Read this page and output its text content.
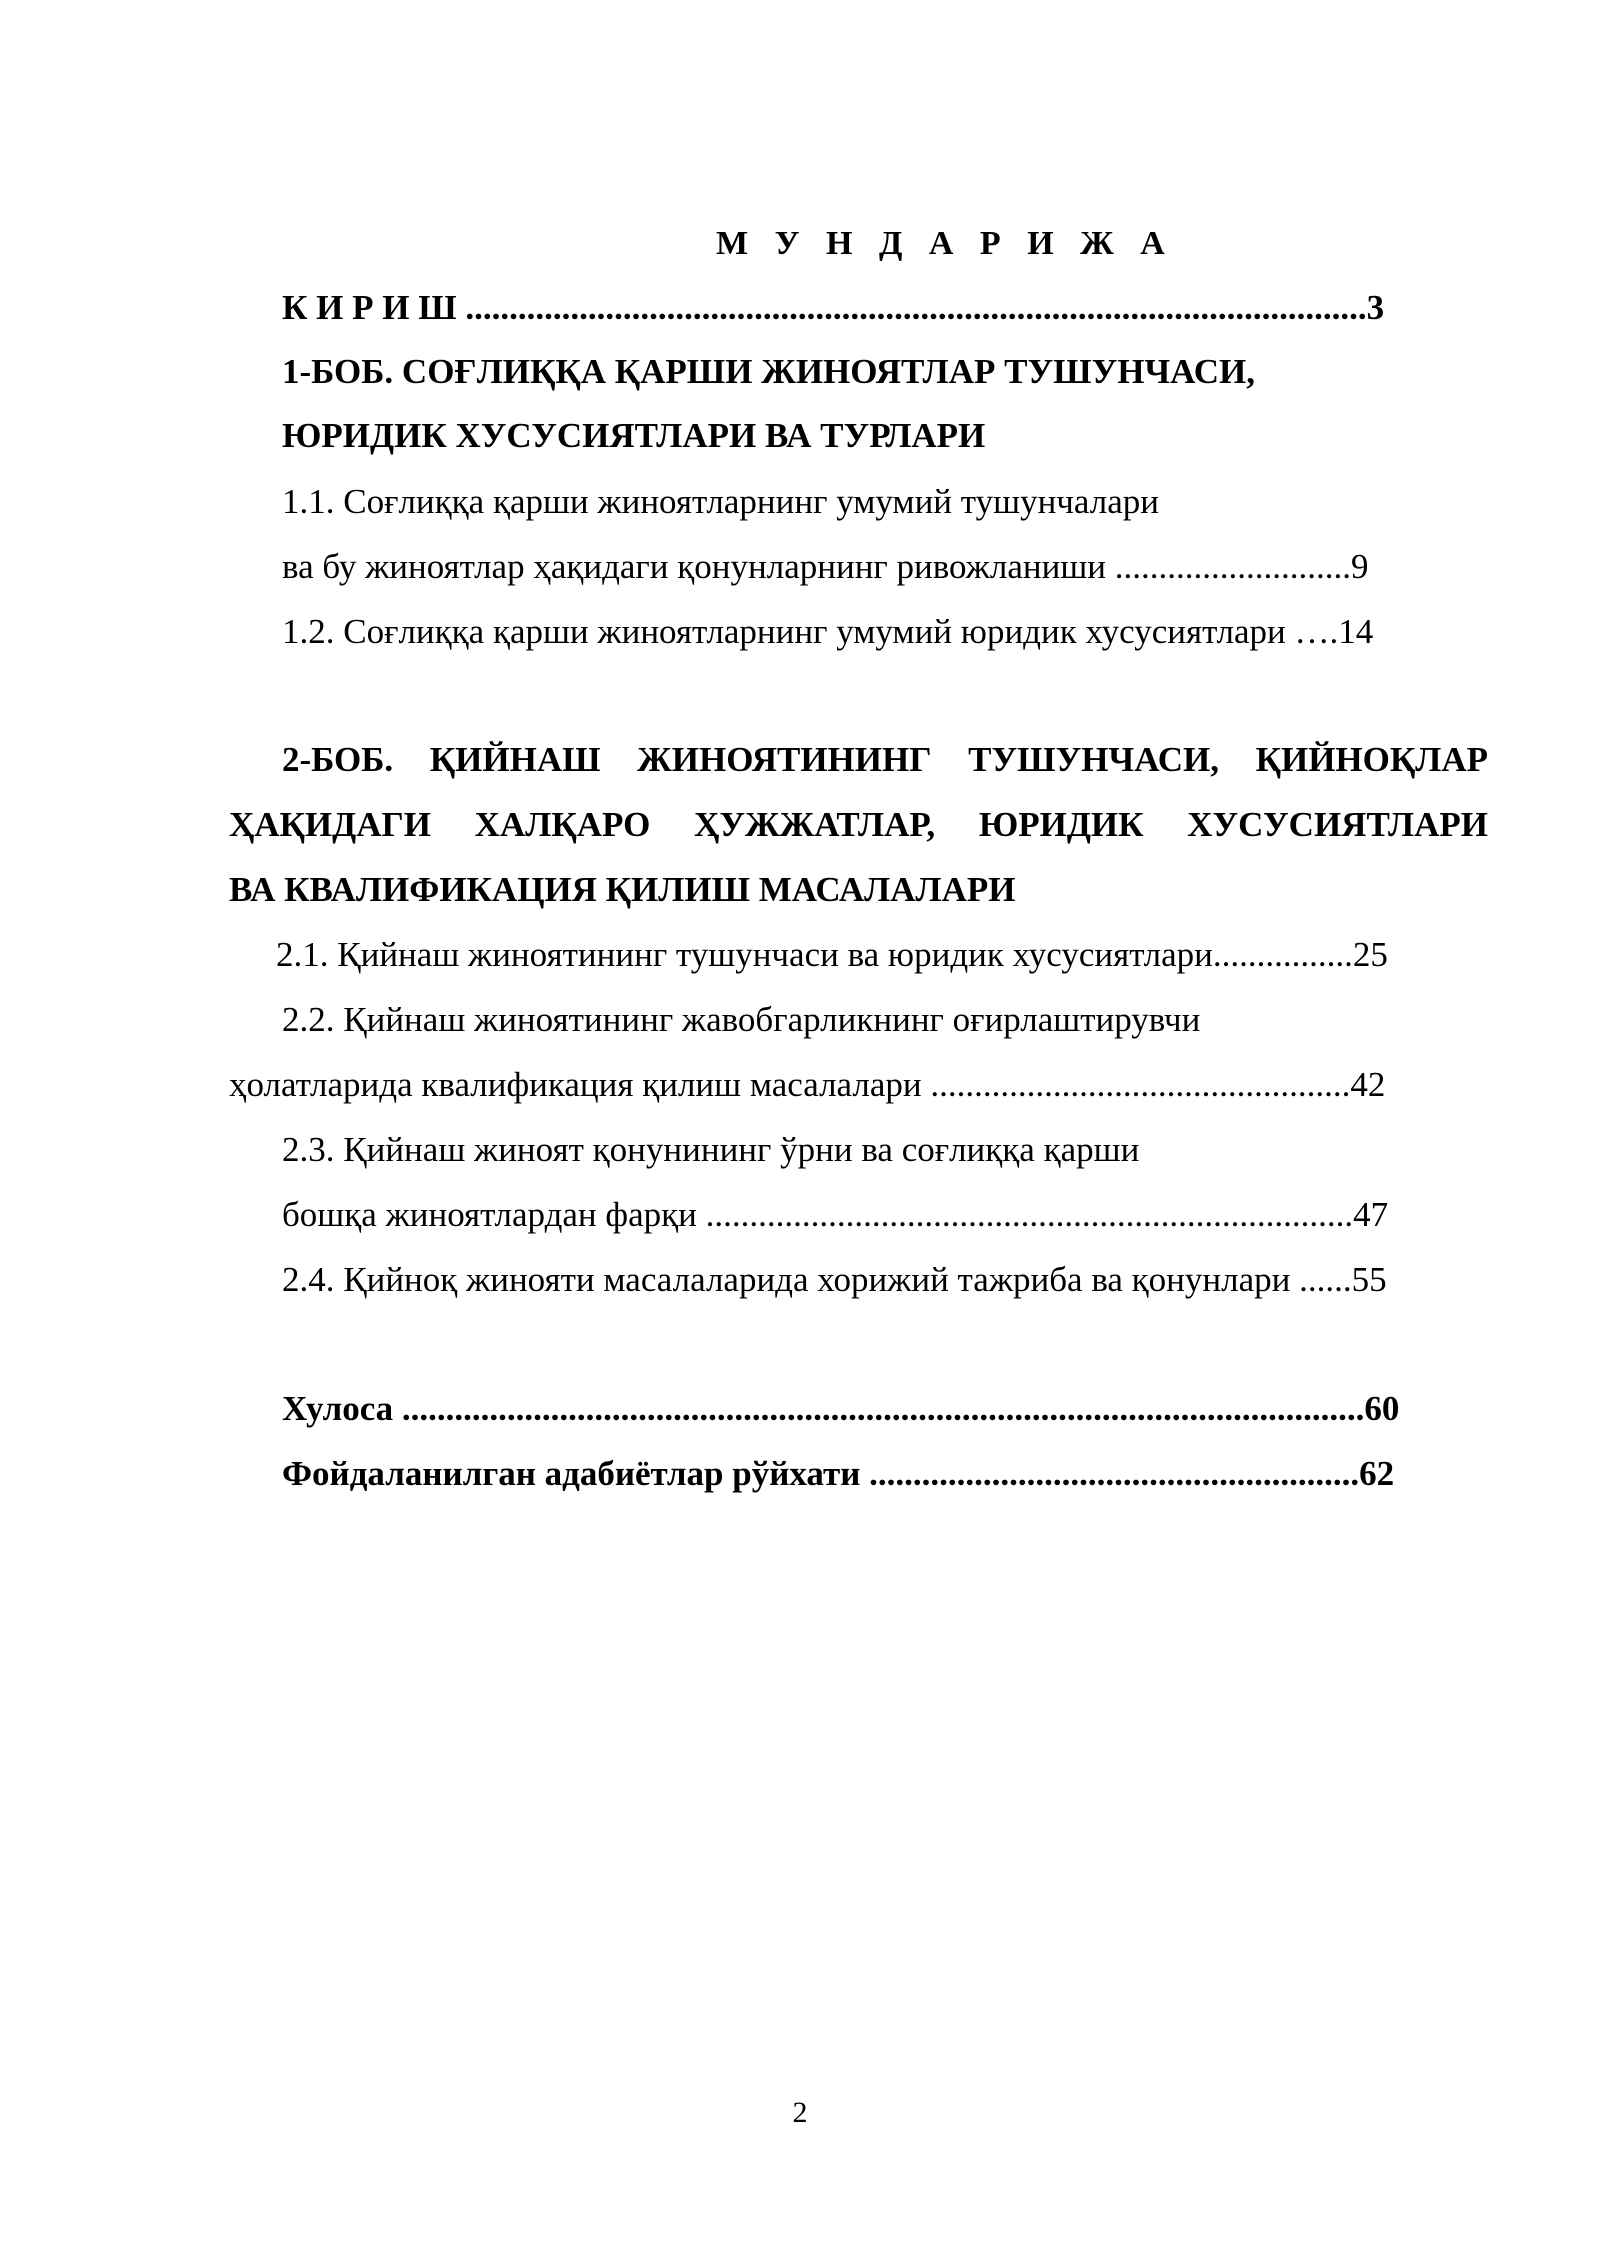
М У Н Д А Р И Ж А
К И Р И Ш .......................................................................................................3
1-БОБ. СОҒЛИҚҚА ҚАРШИ ЖИНОЯТЛАР ТУШУНЧАСИ,
ЮРИДИК ХУСУСИЯТЛАРИ ВА ТУРЛАРИ
1.1. Соғлиққа қарши жиноятларнинг умумий тушунчалари
ва бу жиноятлар ҳақидаги қонунларнинг ривожланиши ...........................9
1.2. Соғлиққа қарши жиноятларнинг умумий юридик хусусиятлари ….14
2-БОБ. ҚИЙНАШ ЖИНОЯТИНИНГ ТУШУНЧАСИ, ҚИЙНОҚЛАР
ҲАҚИДАГИ ХАЛҚАРО ҲУЖЖАТЛАР, ЮРИДИК ХУСУСИЯТЛАРИ
ВА КВАЛИФИКАЦИЯ ҚИЛИШ МАСАЛАЛАРИ
2.1. Қийнаш жиноятининг тушунчаси ва юридик хусусиятлари................25
2.2. Қийнаш жиноятининг жавобгарликнинг оғирлаштирувчи
ҳолатларида квалификация қилиш масалалари ................................................42
2.3. Қийнаш жиноят қонунининг ўрни ва соғлиққа қарши
бошқа жиноятлардан фарқи ..........................................................................47
2.4. Қийноқ жинояти масалаларида хорижий тажриба ва қонунлари ......55
Хулоса ..............................................................................................................60
Фойдаланилган адабиётлар рўйхати ........................................................62
2
